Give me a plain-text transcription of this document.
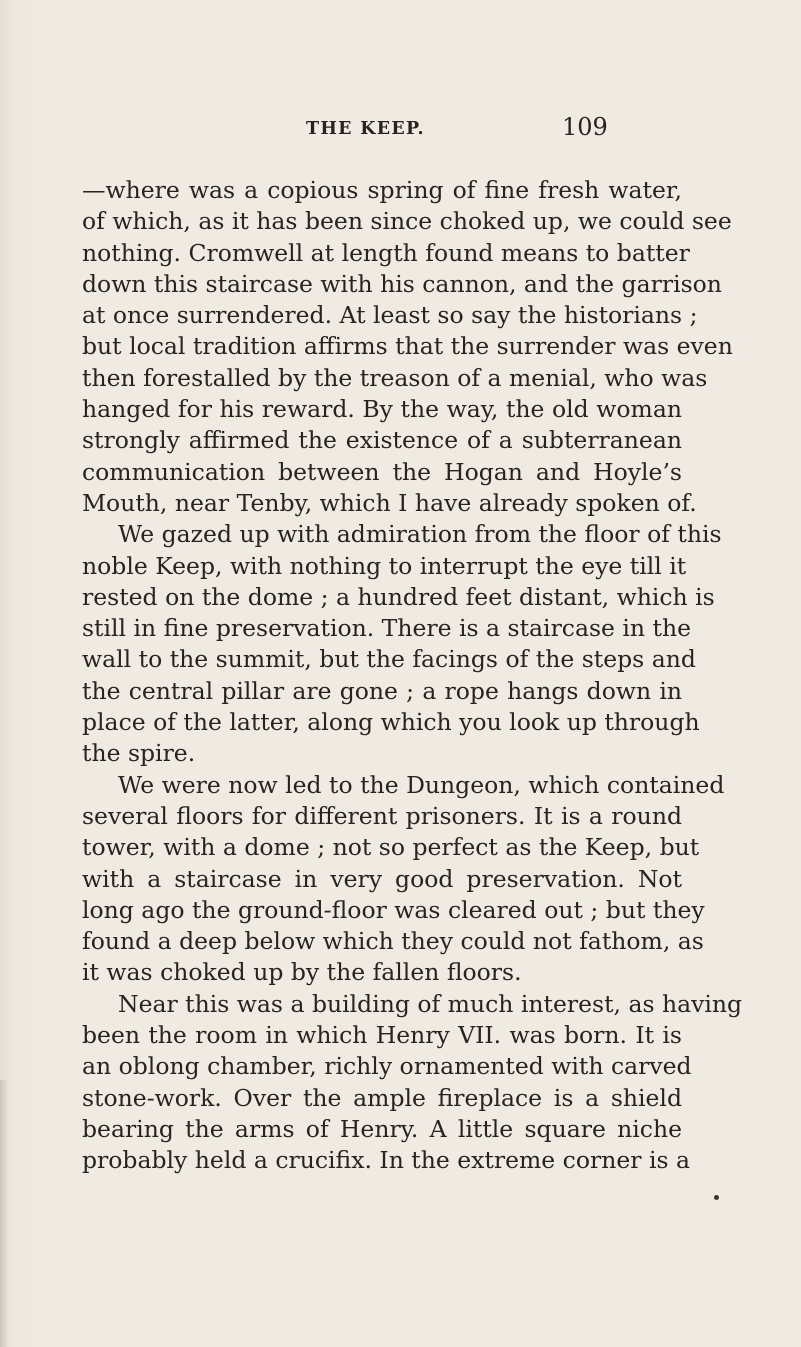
THE KEEP.	109
—where was a copious spring of fine fresh water,
of which, as it has been since choked up, we could see
nothing. Cromwell at length found means to batter
down this staircase with his cannon, and the garrison
at once surrendered. At least so say the historians ;
but local tradition affirms that the surrender was even
then forestalled by the treason of a menial, who was
hanged for his reward. By the way, the old woman
strongly affirmed the existence of a subterranean
communication between the Hogan and Hoyle’s
Mouth, near Tenby, which I have already spoken of.
We gazed up with admiration from the floor of this
noble Keep, with nothing to interrupt the eye till it
rested on the dome ; a hundred feet distant, which is
still in fine preservation. There is a staircase in the
wall to the summit, but the facings of the steps and
the central pillar are gone ; a rope hangs down in
place of the latter, along which you look up through
the spire.
We were now led to the Dungeon, which contained
several floors for different prisoners. It is a round
tower, with a dome ; not so perfect as the Keep, but
with a staircase in very good preservation. Not
long ago the ground-floor was cleared out ; but they
found a deep below which they could not fathom, as
it was choked up by the fallen floors.
Near this was a building of much interest, as having
been the room in which Henry VII. was born. It is
an oblong chamber, richly ornamented with carved
stone-work. Over the ample fireplace is a shield
bearing the arms of Henry. A little square niche
probably held a crucifix. In the extreme corner is a
